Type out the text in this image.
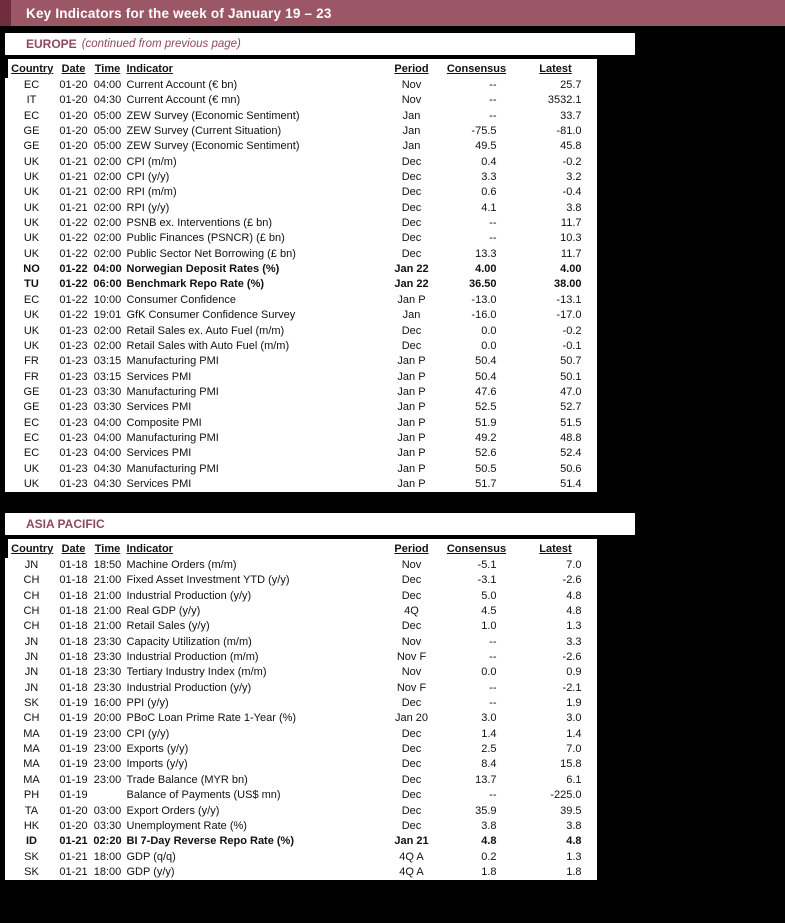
Key Indicators for the week of January 19 – 23
EUROPE (continued from previous page)
Country	Date	Time	Indicator	Period	Consensus	Latest
EC	01-20	04:00	Current Account (€ bn)	Nov	--	25.7
IT	01-20	04:30	Current Account (€ mn)	Nov	--	3532.1
EC	01-20	05:00	ZEW Survey (Economic Sentiment)	Jan	--	33.7
GE	01-20	05:00	ZEW Survey (Current Situation)	Jan	-75.5	-81.0
GE	01-20	05:00	ZEW Survey (Economic Sentiment)	Jan	49.5	45.8
UK	01-21	02:00	CPI (m/m)	Dec	0.4	-0.2
UK	01-21	02:00	CPI (y/y)	Dec	3.3	3.2
UK	01-21	02:00	RPI (m/m)	Dec	0.6	-0.4
UK	01-21	02:00	RPI (y/y)	Dec	4.1	3.8
UK	01-22	02:00	PSNB ex. Interventions (£ bn)	Dec	--	11.7
UK	01-22	02:00	Public Finances (PSNCR) (£ bn)	Dec	--	10.3
UK	01-22	02:00	Public Sector Net Borrowing (£ bn)	Dec	13.3	11.7
NO	01-22	04:00	Norwegian Deposit Rates (%)	Jan 22	4.00	4.00
TU	01-22	06:00	Benchmark Repo Rate (%)	Jan 22	36.50	38.00
EC	01-22	10:00	Consumer Confidence	Jan P	-13.0	-13.1
UK	01-22	19:01	GfK Consumer Confidence Survey	Jan	-16.0	-17.0
UK	01-23	02:00	Retail Sales ex. Auto Fuel (m/m)	Dec	0.0	-0.2
UK	01-23	02:00	Retail Sales with Auto Fuel (m/m)	Dec	0.0	-0.1
FR	01-23	03:15	Manufacturing PMI	Jan P	50.4	50.7
FR	01-23	03:15	Services PMI	Jan P	50.4	50.1
GE	01-23	03:30	Manufacturing PMI	Jan P	47.6	47.0
GE	01-23	03:30	Services PMI	Jan P	52.5	52.7
EC	01-23	04:00	Composite PMI	Jan P	51.9	51.5
EC	01-23	04:00	Manufacturing PMI	Jan P	49.2	48.8
EC	01-23	04:00	Services PMI	Jan P	52.6	52.4
UK	01-23	04:30	Manufacturing PMI	Jan P	50.5	50.6
UK	01-23	04:30	Services PMI	Jan P	51.7	51.4
ASIA PACIFIC
Country	Date	Time	Indicator	Period	Consensus	Latest
JN	01-18	18:50	Machine Orders (m/m)	Nov	-5.1	7.0
CH	01-18	21:00	Fixed Asset Investment YTD (y/y)	Dec	-3.1	-2.6
CH	01-18	21:00	Industrial Production (y/y)	Dec	5.0	4.8
CH	01-18	21:00	Real GDP (y/y)	4Q	4.5	4.8
CH	01-18	21:00	Retail Sales (y/y)	Dec	1.0	1.3
JN	01-18	23:30	Capacity Utilization (m/m)	Nov	--	3.3
JN	01-18	23:30	Industrial Production (m/m)	Nov F	--	-2.6
JN	01-18	23:30	Tertiary Industry Index (m/m)	Nov	0.0	0.9
JN	01-18	23:30	Industrial Production (y/y)	Nov F	--	-2.1
SK	01-19	16:00	PPI (y/y)	Dec	--	1.9
CH	01-19	20:00	PBoC Loan Prime Rate 1-Year (%)	Jan 20	3.0	3.0
MA	01-19	23:00	CPI (y/y)	Dec	1.4	1.4
MA	01-19	23:00	Exports (y/y)	Dec	2.5	7.0
MA	01-19	23:00	Imports (y/y)	Dec	8.4	15.8
MA	01-19	23:00	Trade Balance (MYR bn)	Dec	13.7	6.1
PH	01-19		Balance of Payments (US$ mn)	Dec	--	-225.0
TA	01-20	03:00	Export Orders (y/y)	Dec	35.9	39.5
HK	01-20	03:30	Unemployment Rate (%)	Dec	3.8	3.8
ID	01-21	02:20	BI 7-Day Reverse Repo Rate (%)	Jan 21	4.8	4.8
SK	01-21	18:00	GDP (q/q)	4Q A	0.2	1.3
SK	01-21	18:00	GDP (y/y)	4Q A	1.8	1.8
